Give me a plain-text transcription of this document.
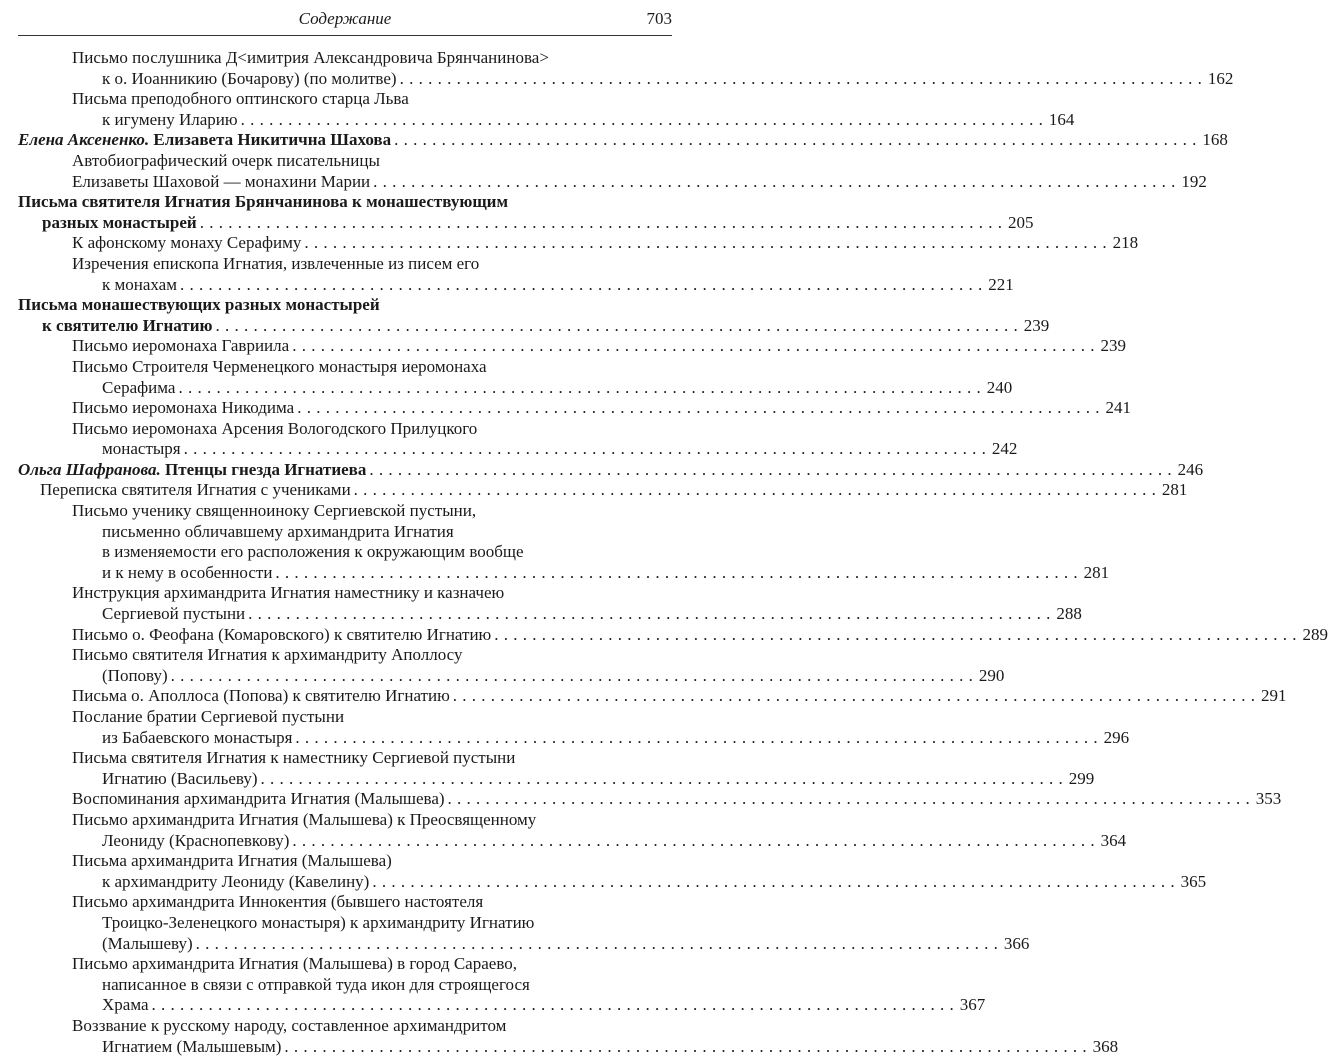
Содержание	703
Письмо послушника Д<имитрия Александровича Брянчанинова>
к о. Иоанникию (Бочарову) (по молитве) . . .	162
Письма преподобного оптинского старца Льва
к игумену Иларию . . .	164
Елена Аксененко. Елизавета Никитична Шахова . . .	168
Автобиографический очерк писательницы
Елизаветы Шаховой — монахини Марии . . .	192
Письма святителя Игнатия Брянчанинова к монашествующим
разных монастырей . . .	205
К афонскому монаху Серафиму . . .	218
Изречения епископа Игнатия, извлеченные из писем его
к монахам . . .	221
Письма монашествующих разных монастырей
к святителю Игнатию . . .	239
Письмо иеромонаха Гавриила . . .	239
Письмо Строителя Черменецкого монастыря иеромонаха
Серафима . . .	240
Письмо иеромонаха Никодима . . .	241
Письмо иеромонаха Арсения Вологодского Прилуцкого
монастыря . . .	242
Ольга Шафранова. Птенцы гнезда Игнатиева . . .	246
Переписка святителя Игнатия с учениками . . .	281
Письмо ученику священноиноку Сергиевской пустыни,
письменно обличавшему архимандрита Игнатия
в изменяемости его расположения к окружающим вообще
и к нему в особенности . . .	281
Инструкция архимандрита Игнатия наместнику и казначею
Сергиевой пустыни . . .	288
Письмо о. Феофана (Комаровского) к святителю Игнатию . . .	289
Письмо святителя Игнатия к архимандриту Аполлосу
(Попову) . . .	290
Письма о. Аполлоса (Попова) к святителю Игнатию . . .	291
Послание братии Сергиевой пустыни
из Бабаевского монастыря . . .	296
Письма святителя Игнатия к наместнику Сергиевой пустыни
Игнатию (Васильеву) . . .	299
Воспоминания архимандрита Игнатия (Малышева) . . .	353
Письмо архимандрита Игнатия (Малышева) к Преосвященному
Леониду (Краснопевкову) . . .	364
Письма архимандрита Игнатия (Малышева)
к архимандриту Леониду (Кавелину) . . .	365
Письмо архимандрита Иннокентия (бывшего настоятеля
Троицко-Зеленецкого монастыря) к архимандриту Игнатию
(Малышеву) . . .	366
Письмо архимандрита Игнатия (Малышева) в город Сараево,
написанное в связи с отправкой туда икон для строящегося
Храма . . .	367
Воззвание к русскому народу, составленное архимандритом
Игнатием (Малышевым) . . .	368
